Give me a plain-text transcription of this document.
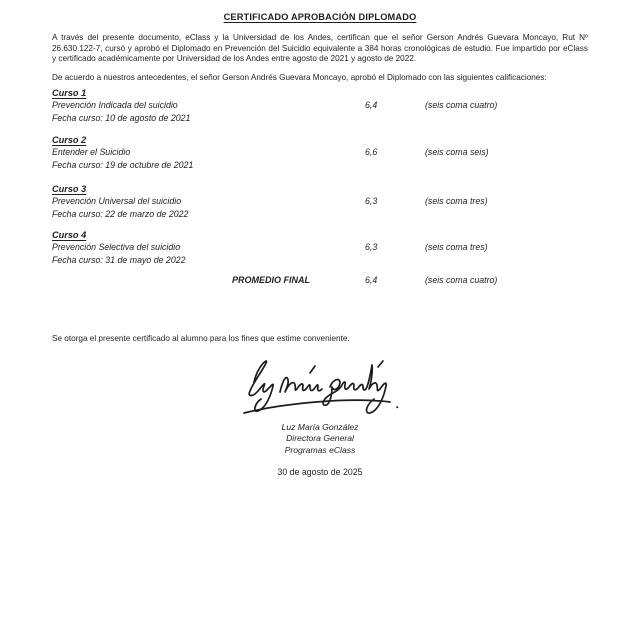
CERTIFICADO APROBACIÓN DIPLOMADO

A través del presente documento, eClass y la Universidad de los Andes, certifican que el señor Gerson Andrés Guevara Moncayo, Rut Nº 26.630.122-7, cursó y aprobó el Diplomado en Prevención del Suicidio equivalente a 384 horas cronológicas de estudio. Fue impartido por eClass y certificado académicamente por Universidad de los Andes entre agosto de 2021 y agosto de 2022.

De acuerdo a nuestros antecedentes, el señor Gerson Andrés Guevara Moncayo, aprobó el Diplomado con las siguientes calificaciones:

Curso 1
Prevención Indicada del suicidio	6,4	(seis coma cuatro)
Fecha curso: 10 de agosto de 2021
Curso 2
Entender el Suicidio	6,6	(seis coma seis)
Fecha curso: 19 de octubre de 2021
Curso 3
Prevención Universal del suicidio	6,3	(seis coma tres)
Fecha curso: 22 de marzo de 2022
Curso 4
Prevención Selectiva del suicidio	6,3	(seis coma tres)
Fecha curso: 31 de mayo de 2022
PROMEDIO FINAL	6,4	(seis coma cuatro)

Se otorga el presente certificado al alumno para los fines que estime conveniente.

Luz María González
Directora General
Programas eClass
30 de agosto de 2025
